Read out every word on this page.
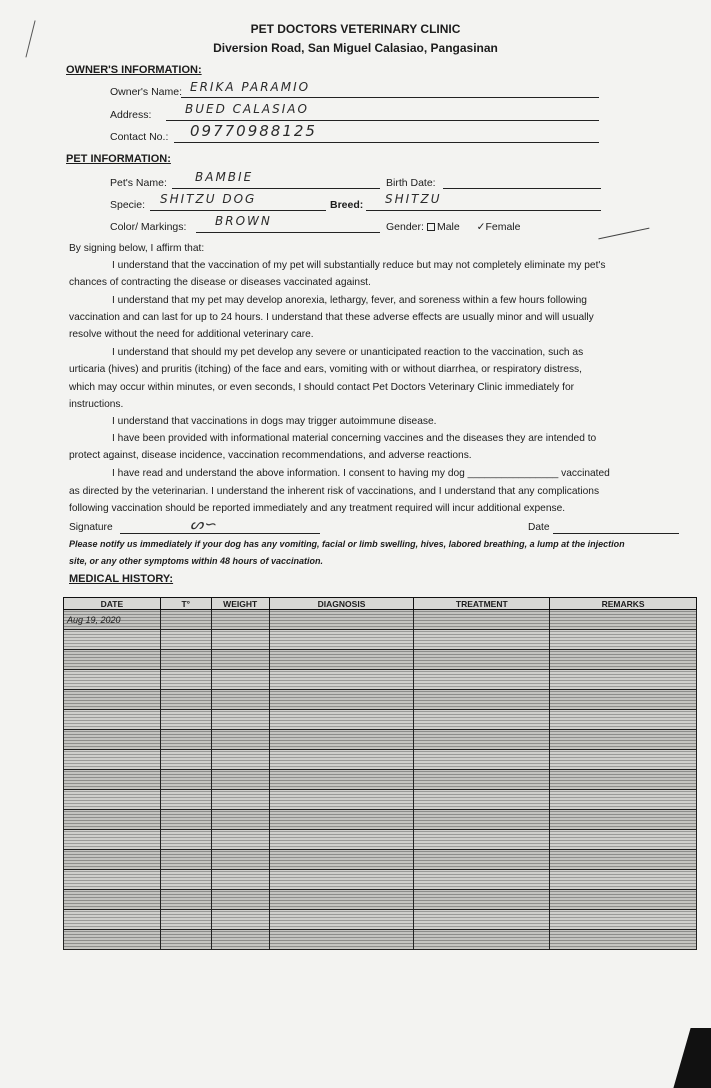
PET DOCTORS VETERINARY CLINIC
Diversion Road, San Miguel Calasiao, Pangasinan
OWNER'S INFORMATION:
Owner's Name: ERIKA PARAMIO
Address:	BUED CALASIAO
Contact No.: 09770988125
PET INFORMATION:
Pet's Name: BAMBIE	Birth Date:
Specie: SHITZU DOG	Breed: SHITZU
Color/ Markings: BROWN	Gender: Male ✓Female
By signing below, I affirm that:
I understand that the vaccination of my pet will substantially reduce but may not completely eliminate my pet's
chances of contracting the disease or diseases vaccinated against.
I understand that my pet may develop anorexia, lethargy, fever, and soreness within a few hours following
vaccination and can last for up to 24 hours. I understand that these adverse effects are usually minor and will usually
resolve without the need for additional veterinary care.
I understand that should my pet develop any severe or unanticipated reaction to the vaccination, such as
urticaria (hives) and pruritis (itching) of the face and ears, vomiting with or without diarrhea, or respiratory distress,
which may occur within minutes, or even seconds, I should contact Pet Doctors Veterinary Clinic immediately for
instructions.
I understand that vaccinations in dogs may trigger autoimmune disease.
I have been provided with informational material concerning vaccines and the diseases they are intended to
protect against, disease incidence, vaccination recommendations, and adverse reactions.
I have read and understand the above information. I consent to having my dog ________________ vaccinated
as directed by the veterinarian. I understand the inherent risk of vaccinations, and I understand that any complications
following vaccination should be reported immediately and any treatment required will incur additional expense.
Signature	ᔕ∽	Date
Please notify us immediately if your dog has any vomiting, facial or limb swelling, hives, labored breathing, a lump at the injection
site, or any other symptoms within 48 hours of vaccination.
MEDICAL HISTORY:
DATE	T°	WEIGHT	DIAGNOSIS	TREATMENT	REMARKS
Aug 19, 2020					
